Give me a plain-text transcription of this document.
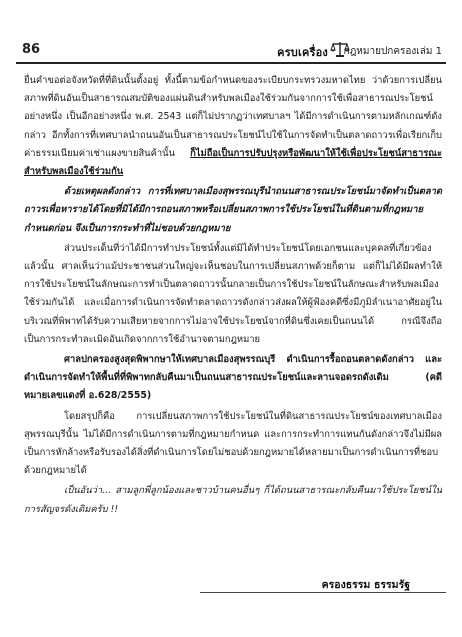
86	ครบเครื่อง กฎหมายปกครองเล่ม 1

ยื่นคำขอต่อจังหวัดที่ที่ดินนั้นตั้งอยู่ ทั้งนี้ตามข้อกำหนดของระเบียบกระทรวงมหาดไทย ว่าด้วยการเปลี่ยนสภาพที่ดินอันเป็นสาธารณสมบัติของแผ่นดินสำหรับพลเมืองใช้ร่วมกันจากการใช้เพื่อสาธารณประโยชน์อย่างหนึ่ง เป็นอีกอย่างหนึ่ง พ.ศ. 2543 แต่ก็ไม่ปรากฏว่าเทศบาลฯ ได้มีการดำเนินการตามหลักเกณฑ์ดังกล่าว อีกทั้งการที่เทศบาลนำถนนอันเป็นสาธารณประโยชน์ไปใช้ในการจัดทำเป็นตลาดถาวรเพื่อเรียกเก็บค่าธรรมเนียมค่าเช่าแผงขายสินค้านั้น ก็ไม่ถือเป็นการปรับปรุงหรือพัฒนาให้ใช้เพื่อประโยชน์สาธารณะสำหรับพลเมืองใช้ร่วมกัน

ด้วยเหตุผลดังกล่าว การที่เทศบาลเมืองสุพรรณบุรีนำถนนสาธารณประโยชน์มาจัดทำเป็นตลาดถาวรเพื่อหารายได้โดยที่มิได้มีการถอนสภาพหรือเปลี่ยนสภาพการใช้ประโยชน์ในที่ดินตามที่กฎหมายกำหนดก่อน จึงเป็นการกระทำที่ไม่ชอบด้วยกฎหมาย

ส่วนประเด็นที่ว่าได้มีการทำประโยชน์ทั้งแต่มิได้ทำประโยชน์โดยเอกชนและบุคคลที่เกี่ยวข้องแล้วนั้น ศาลเห็นว่าแม้ประชาชนส่วนใหญ่จะเห็นชอบในการเปลี่ยนสภาพด้วยก็ตาม แต่ก็ไม่ได้มีผลทำให้การใช้ประโยชน์ในลักษณะการทำเป็นตลาดถาวรนั้นกลายเป็นการใช้ประโยชน์ในลักษณะสำหรับพลเมืองใช้ร่วมกันได้ และเมื่อการดำเนินการจัดทำตลาดถาวรดังกล่าวส่งผลให้ผู้ฟ้องคดีซึ่งมีภูมิลำเนาอาศัยอยู่ในบริเวณที่พิพาทได้รับความเสียหายจากการไม่อาจใช้ประโยชน์จากที่ดินซึ่งเคยเป็นถนนได้ กรณีจึงถือเป็นการกระทำละเมิดอันเกิดจากการใช้อำนาจตามกฎหมาย

ศาลปกครองสูงสุดพิพากษาให้เทศบาลเมืองสุพรรณบุรี ดำเนินการรื้อถอนตลาดดังกล่าว และดำเนินการจัดทำให้พื้นที่ที่พิพาทกลับคืนมาเป็นถนนสาธารณประโยชน์และลานจอดรถดังเดิม (คดีหมายเลขแดงที่ อ.628/2555)

โดยสรุปก็คือ การเปลี่ยนสภาพการใช้ประโยชน์ในที่ดินสาธารณประโยชน์ของเทศบาลเมืองสุพรรณบุรีนั้น ไม่ได้มีการดำเนินการตามที่กฎหมายกำหนด และการกระทำการแทนกันดังกล่าวจึงไม่มีผลเป็นการหักล้างหรือรับรองได้สิ่งที่ดำเนินการโดยไม่ชอบด้วยกฎหมายได้หลายมาเป็นการดำเนินการที่ชอบด้วยกฎหมายได้

เป็นอันว่า... สามลูกพี่ลูกน้องและชาวบ้านคนอื่นๆ ก็ได้ถนนสาธารณะกลับคืนมาใช้ประโยชน์ในการสัญจรดังเดิมครับ !!

ครองธรรม ธรรมรัฐ
